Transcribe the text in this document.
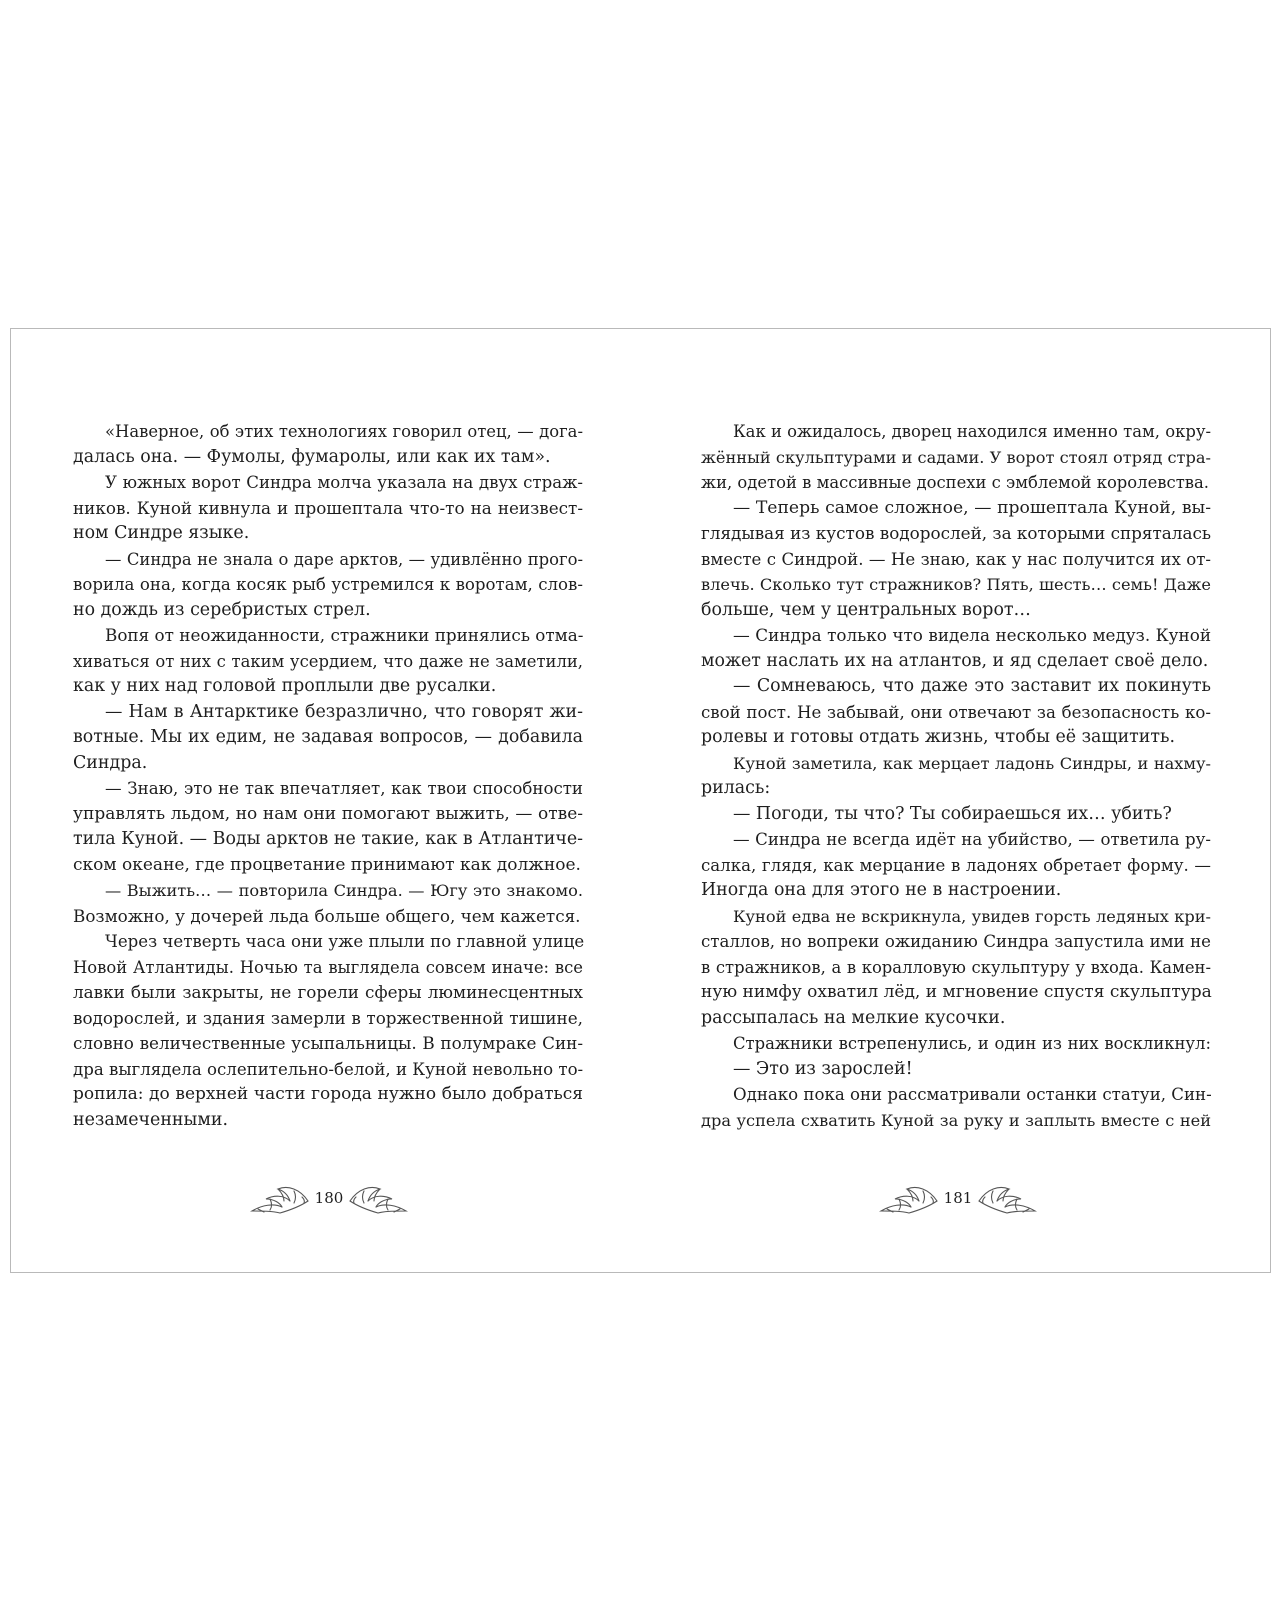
«Наверное, об этих технологиях говорил отец, — дога-
далась она. — Фумолы, фумаролы, или как их там».
У южных ворот Синдра молча указала на двух страж-
ников. Куной кивнула и прошептала что-то на неизвест-
ном Синдре языке.
— Синдра не знала о даре арктов, — удивлённо прого-
ворила она, когда косяк рыб устремился к воротам, слов-
но дождь из серебристых стрел.
Вопя от неожиданности, стражники принялись отма-
хиваться от них с таким усердием, что даже не заметили,
как у них над головой проплыли две русалки.
— Нам в Антарктике безразлично, что говорят жи-
вотные. Мы их едим, не задавая вопросов, — добавила
Синдра.
— Знаю, это не так впечатляет, как твои способности
управлять льдом, но нам они помогают выжить, — отве-
тила Куной. — Воды арктов не такие, как в Атлантиче-
ском океане, где процветание принимают как должное.
— Выжить… — повторила Синдра. — Югу это знакомо.
Возможно, у дочерей льда больше общего, чем кажется.
Через четверть часа они уже плыли по главной улице
Новой Атлантиды. Ночью та выглядела совсем иначе: все
лавки были закрыты, не горели сферы люминесцентных
водорослей, и здания замерли в торжественной тишине,
словно величественные усыпальницы. В полумраке Син-
дра выглядела ослепительно-белой, и Куной невольно то-
ропила: до верхней части города нужно было добраться
незамеченными.
Как и ожидалось, дворец находился именно там, окру-
жённый скульптурами и садами. У ворот стоял отряд стра-
жи, одетой в массивные доспехи с эмблемой королевства.
— Теперь самое сложное, — прошептала Куной, вы-
глядывая из кустов водорослей, за которыми спряталась
вместе с Синдрой. — Не знаю, как у нас получится их от-
влечь. Сколько тут стражников? Пять, шесть… семь! Даже
больше, чем у центральных ворот…
— Синдра только что видела несколько медуз. Куной
может наслать их на атлантов, и яд сделает своё дело.
— Сомневаюсь, что даже это заставит их покинуть
свой пост. Не забывай, они отвечают за безопасность ко-
ролевы и готовы отдать жизнь, чтобы её защитить.
Куной заметила, как мерцает ладонь Синдры, и нахму-
рилась:
— Погоди, ты что? Ты собираешься их… убить?
— Синдра не всегда идёт на убийство, — ответила ру-
салка, глядя, как мерцание в ладонях обретает форму. —
Иногда она для этого не в настроении.
Куной едва не вскрикнула, увидев горсть ледяных кри-
сталлов, но вопреки ожиданию Синдра запустила ими не
в стражников, а в коралловую скульптуру у входа. Камен-
ную нимфу охватил лёд, и мгновение спустя скульптура
рассыпалась на мелкие кусочки.
Стражники встрепенулись, и один из них воскликнул:
— Это из зарослей!
Однако пока они рассматривали останки статуи, Син-
дра успела схватить Куной за руку и заплыть вместе с ней
180	181
